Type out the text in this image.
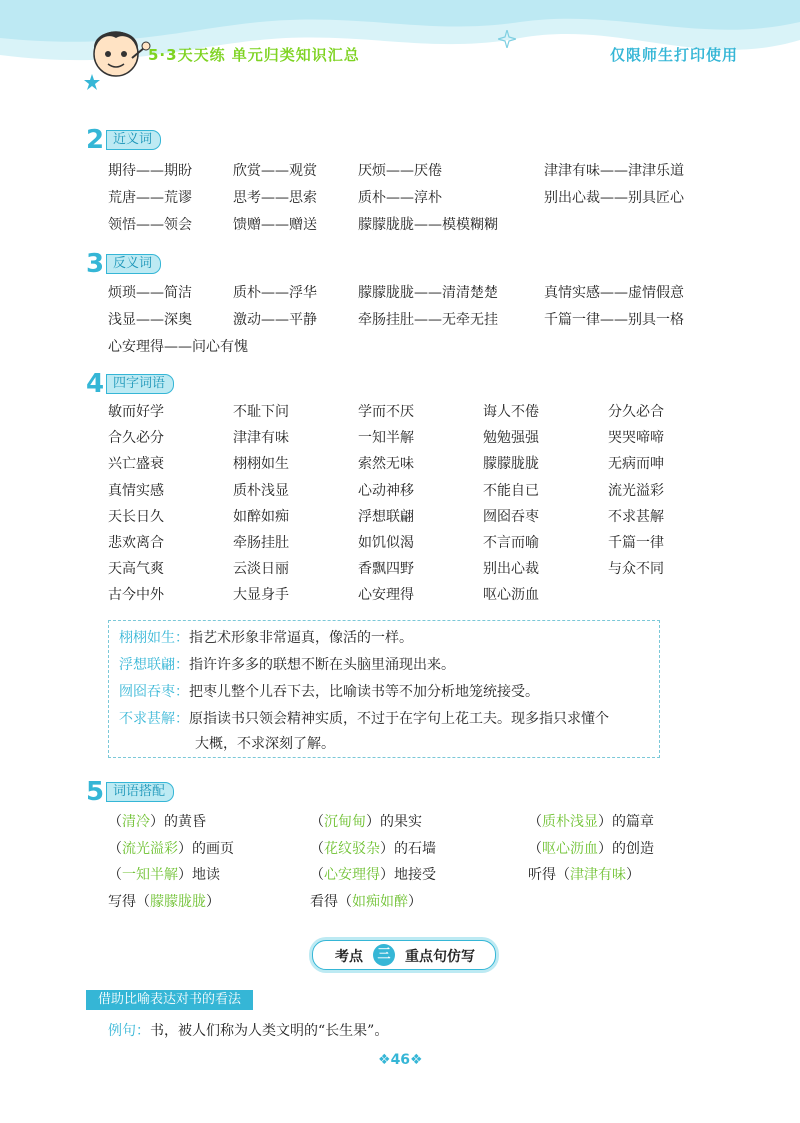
5·3天天练 单元归类知识汇总	仅限师生打印使用
2 近义词
期待——期盼	欣赏——观赏	厌烦——厌倦	津津有味——津津乐道
荒唐——荒谬	思考——思索	质朴——淳朴	别出心裁——别具匠心
领悟——领会	馈赠——赠送	朦朦胧胧——模模糊糊
3 反义词
烦琐——简洁	质朴——浮华	朦朦胧胧——清清楚楚	真情实感——虚情假意
浅显——深奥	激动——平静	牵肠挂肚——无牵无挂	千篇一律——别具一格
心安理得——问心有愧
4 四字词语
敏而好学	不耻下问	学而不厌	诲人不倦	分久必合
合久必分	津津有味	一知半解	勉勉强强	哭哭啼啼
兴亡盛衰	栩栩如生	索然无味	朦朦胧胧	无病而呻
真情实感	质朴浅显	心动神移	不能自已	流光溢彩
天长日久	如醉如痴	浮想联翩	囫囵吞枣	不求甚解
悲欢离合	牵肠挂肚	如饥似渴	不言而喻	千篇一律
天高气爽	云淡日丽	香飘四野	别出心裁	与众不同
古今中外	大显身手	心安理得	呕心沥血
栩栩如生：指艺术形象非常逼真，像活的一样。
浮想联翩：指许许多多的联想不断在头脑里涌现出来。
囫囵吞枣：把枣儿整个儿吞下去，比喻读书等不加分析地笼统接受。
不求甚解：原指读书只领会精神实质，不过于在字句上花工夫。现多指只求懂个
大概，不求深刻了解。
5 词语搭配
（清冷）的黄昏	（沉甸甸）的果实	（质朴浅显）的篇章
（流光溢彩）的画页	（花纹驳杂）的石墙	（呕心沥血）的创造
（一知半解）地读	（心安理得）地接受	听得（津津有味）
写得（朦朦胧胧）	看得（如痴如醉）
考点	三	重点句仿写
借助比喻表达对书的看法
例句：书，被人们称为人类文明的“长生果”。
❖46❖
